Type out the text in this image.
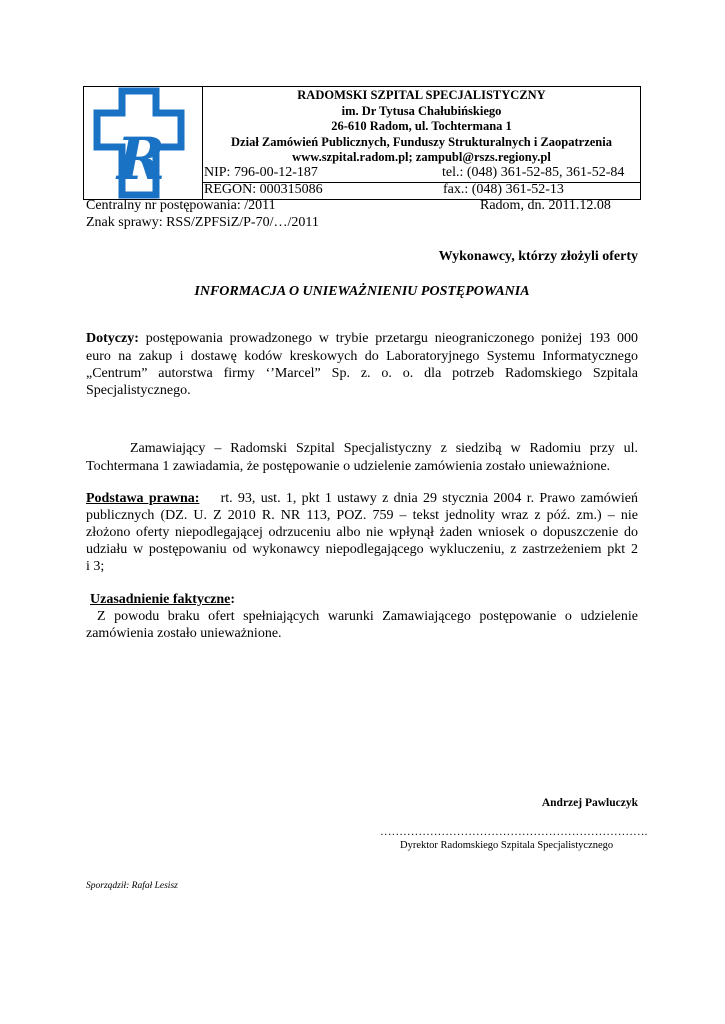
R
RADOMSKI SZPITAL SPECJALISTYCZNY
im. Dr Tytusa Chałubińskiego
26-610 Radom, ul. Tochtermana 1
Dział Zamówień Publicznych, Funduszy Strukturalnych i Zaopatrzenia
www.szpital.radom.pl; zampubl@rszs.regiony.pl
NIP: 796-00-12-187	tel.: (048) 361-52-85, 361-52-84
REGON: 000315086	fax.: (048) 361-52-13
Centralny nr postępowania: /2011	Radom, dn. 2011.12.08
Znak sprawy: RSS/ZPFSiZ/P-70/…/2011
Wykonawcy, którzy złożyli oferty
INFORMACJA O UNIEWAŻNIENIU POSTĘPOWANIA
Dotyczy: postępowania prowadzonego w trybie przetargu nieograniczonego poniżej 193 000
euro na zakup i dostawę kodów kreskowych do Laboratoryjnego Systemu Informatycznego
„Centrum” autorstwa firmy ‘’Marcel” Sp. z. o. o. dla potrzeb Radomskiego Szpitala
Specjalistycznego.
Zamawiający – Radomski Szpital Specjalistyczny z siedzibą w Radomiu przy ul.
Tochtermana 1 zawiadamia, że postępowanie o udzielenie zamówienia zostało unieważnione.
Podstawa prawna: rt. 93, ust. 1, pkt 1 ustawy z dnia 29 stycznia 2004 r. Prawo zamówień
publicznych (DZ. U. Z 2010 R. NR 113, POZ. 759 – tekst jednolity wraz z póź. zm.) – nie
złożono oferty niepodlegającej odrzuceniu albo nie wpłynął żaden wniosek o dopuszczenie do
udziału w postępowaniu od wykonawcy niepodlegającego wykluczeniu, z zastrzeżeniem pkt 2
i 3;
Uzasadnienie faktyczne:
Z powodu braku ofert spełniających warunki Zamawiającego postępowanie o udzielenie
zamówienia zostało unieważnione.
Andrzej Pawluczyk
…………………………………………………………….
Dyrektor Radomskiego Szpitala Specjalistycznego
Sporządził: Rafał Lesisz
